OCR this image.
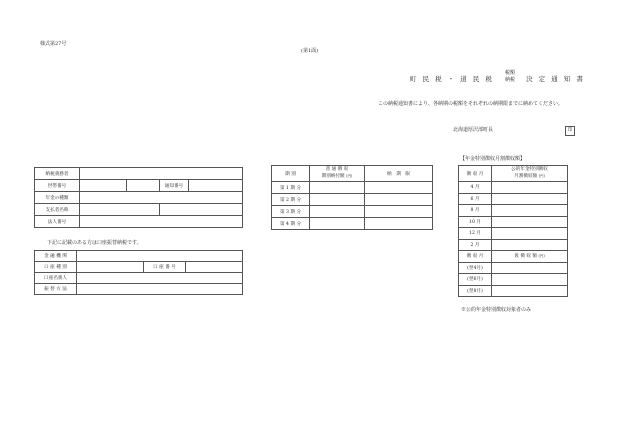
様式第27号
(第1面)
町 民 税 ・ 道 民 税 税額
納税 決 定 通 知 書
この納税通知書により、各納期の税額をそれぞれの納期限までに納めてください。
北海道厚沢部町長	印
納税義務者				
世帯番号			通知番号	
年金の種類				
支払者名称				
法人番号				
下記に記載のある方は口座振替納税です。
金 融 機 関			
口 座 種 別		口 座 番 号	
口座名義人			
振 替 方 法			
期 別	普 通 徴 収
期別納付額 (円)	納　期　限
第 1 期 分		
第 2 期 分		
第 3 期 分		
第 4 期 分		
【年金特別徴収月割徴収額】
徴 収 月	公的年金特別徴収
月割徴収額 (円)
4 月	
6 月	
8 月	
10 月	
12 月	
2 月	
徴 収 月	仮 徴 収 額 (円)
(翌4月)	
(翌6月)	
(翌8月)	
※公的年金特別徴収対象者のみ
